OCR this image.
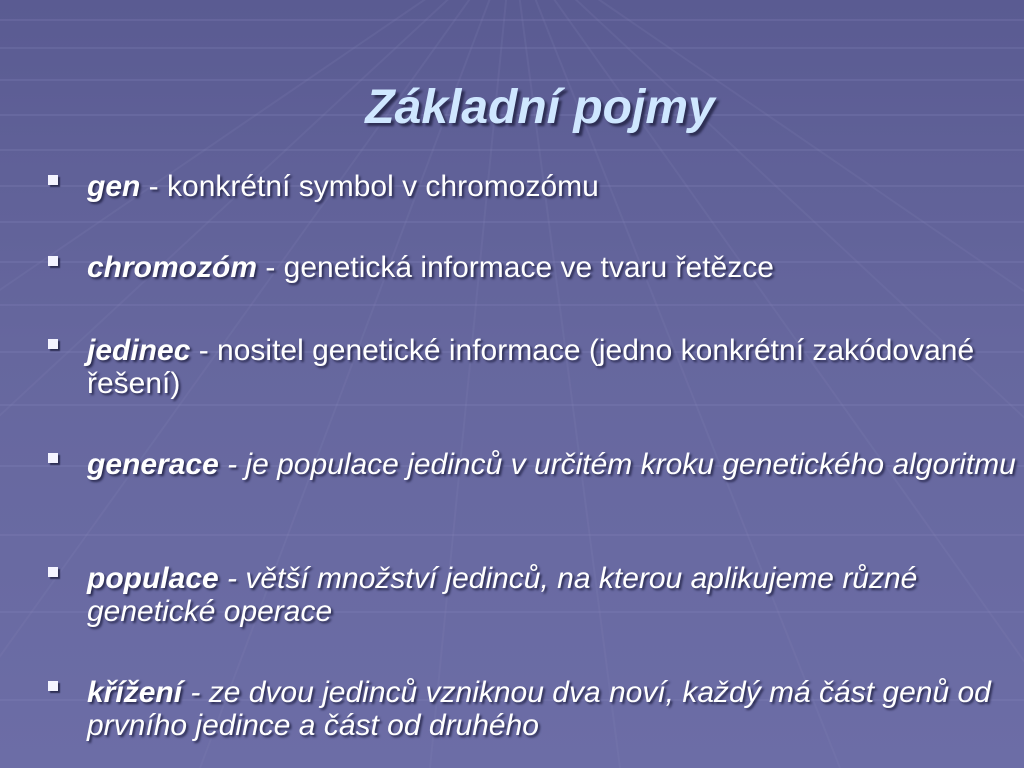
Základní pojmy
gen - konkrétní symbol v chromozómu
chromozóm - genetická informace ve tvaru řetězce
jedinec - nositel genetické informace (jedno konkrétní zakódované řešení)
generace - je populace jedinců v určitém kroku genetického algoritmu
populace - větší množství jedinců, na kterou aplikujeme různé genetické operace
křížení - ze dvou jedinců vzniknou dva noví, každý má část genů od prvního jedince a část od druhého
